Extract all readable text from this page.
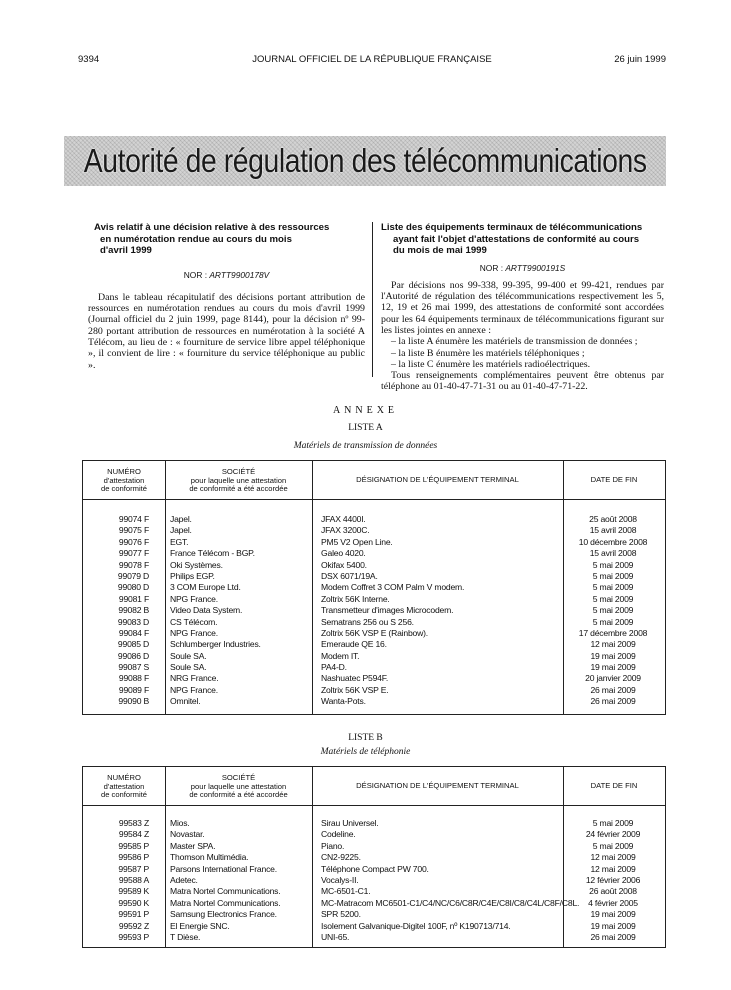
9394	JOURNAL OFFICIEL DE LA RÉPUBLIQUE FRANÇAISE	26 juin 1999
Autorité de régulation des télécommunications
Avis relatif à une décision relative à des ressources
en numérotation rendue au cours du mois
d'avril 1999
NOR : ARTT9900178V

Dans le tableau récapitulatif des décisions portant attribution de ressources en numérotation rendues au cours du mois d'avril 1999 (Journal officiel du 2 juin 1999, page 8144), pour la décision nº 99-280 portant attribution de ressources en numérotation à la société A Télécom, au lieu de : « fourniture de service libre appel téléphonique », il convient de lire : « fourniture du service téléphonique au public ».

Liste des équipements terminaux de télécommunications
ayant fait l'objet d'attestations de conformité au cours
du mois de mai 1999
NOR : ARTT9900191S

Par décisions nos 99-338, 99-395, 99-400 et 99-421, rendues par l'Autorité de régulation des télécommunications respectivement les 5, 12, 19 et 26 mai 1999, des attestations de conformité sont accordées pour les 64 équipements terminaux de télécommunications figurant sur les listes jointes en annexe :

– la liste A énumère les matériels de transmission de données ;
– la liste B énumère les matériels téléphoniques ;
– la liste C énumère les matériels radioélectriques.

Tous renseignements complémentaires peuvent être obtenus par téléphone au 01-40-47-71-31 ou au 01-40-47-71-22.

ANNEXE
LISTE A
Matériels de transmission de données
NUMÉRO
d'attestation
de conformité
SOCIÉTÉ
pour laquelle une attestation
de conformité a été accordée
DÉSIGNATION DE L'ÉQUIPEMENT TERMINAL	DATE DE FIN
99074 F Japel.	JFAX 4400I.	25 août 2008
99075 F Japel.	JFAX 3200C.	15 avril 2008
99076 F EGT.	PM5 V2 Open Line.	10 décembre 2008
99077 F France Télécom - BGP.	Galeo 4020.	15 avril 2008
99078 F Oki Systèmes.	Okifax 5400.	5 mai 2009
99079 D Philips EGP.	DSX 6071/19A.	5 mai 2009
99080 D 3 COM Europe Ltd.	Modem Coffret 3 COM Palm V modem.	5 mai 2009
99081 F NPG France.	Zoltrix 56K Interne.	5 mai 2009
99082 B Video Data System.	Transmetteur d'images Microcodem.	5 mai 2009
99083 D CS Télécom.	Sematrans 256 ou S 256.	5 mai 2009
99084 F NPG France.	Zoltrix 56K VSP E (Rainbow).	17 décembre 2008
99085 D Schlumberger Industries.	Emeraude QE 16.	12 mai 2009
99086 D Soule SA.	Modem IT.	19 mai 2009
99087 S Soule SA.	PA4-D.	19 mai 2009
99088 F NRG France.	Nashuatec P594F.	20 janvier 2009
99089 F NPG France.	Zoltrix 56K VSP E.	26 mai 2009
99090 B Omnitel.	Wanta-Pots.	26 mai 2009
LISTE B
Matériels de téléphonie
NUMÉRO
d'attestation
de conformité
SOCIÉTÉ
pour laquelle une attestation
de conformité a été accordée
DÉSIGNATION DE L'ÉQUIPEMENT TERMINAL	DATE DE FIN
99583 Z Mios.	Sirau Universel.	5 mai 2009
99584 Z Novastar.	Codeline.	24 février 2009
99585 P Master SPA.	Piano.	5 mai 2009
99586 P Thomson Multimédia.	CN2-9225.	12 mai 2009
99587 P Parsons International France.	Téléphone Compact PW 700.	12 mai 2009
99588 A Adetec.	Vocalys-II.	12 février 2006
99589 K Matra Nortel Communications.	MC-6501-C1.	26 août 2008
99590 K Matra Nortel Communications.	MC-Matracom MC6501-C1/C4/NC/C6/C8R/C4E/C8I/C8/C4L/C8F/C8L.	4 février 2005
99591 P Samsung Electronics France.	SPR 5200.	19 mai 2009
99592 Z El Energie SNC.	Isolement Galvanique-Digitel 100F, nº K190713/714.	19 mai 2009
99593 P T Dièse.	UNI-65.	26 mai 2009
